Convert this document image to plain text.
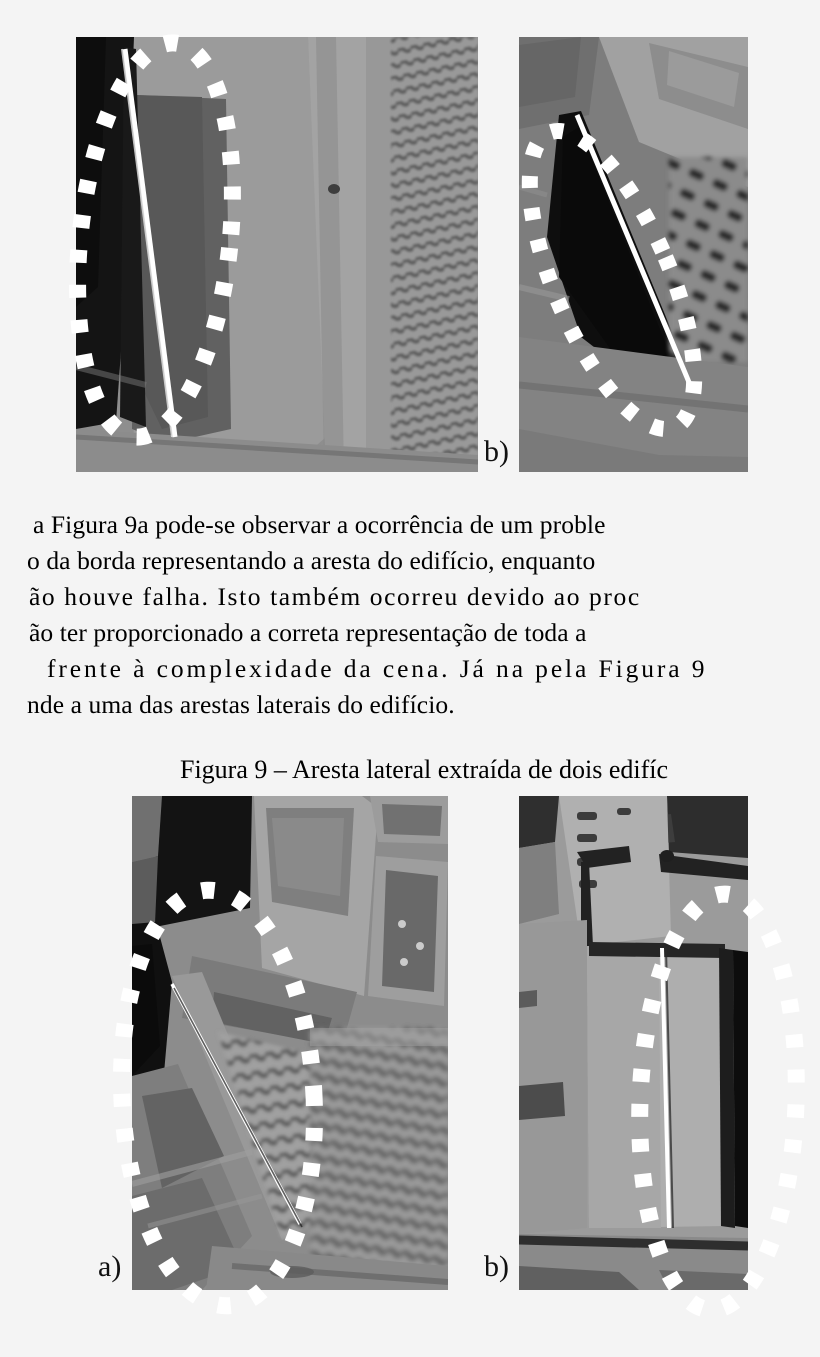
b)
a Figura 9a pode-se observar a ocorrência de um proble
o da borda representando a aresta do edifício, enquanto
ão houve falha. Isto também ocorreu devido ao proc
ão ter proporcionado a correta representação de toda a
frente à complexidade da cena. Já na pela Figura 9
nde a uma das arestas laterais do edifício.
Figura 9 – Aresta lateral extraída de dois edifíc
a)	b)
